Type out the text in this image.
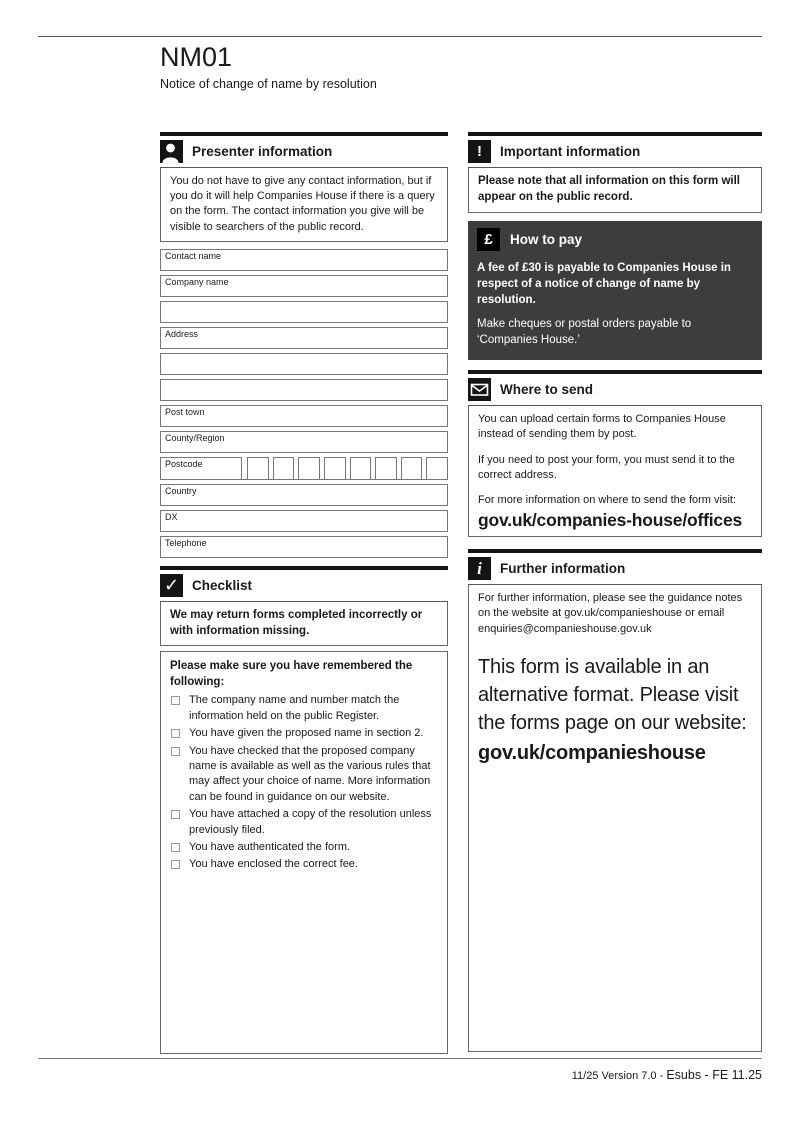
NM01
Notice of change of name by resolution
Presenter information
You do not have to give any contact information, but if you do it will help Companies House if there is a query on the form. The contact information you give will be visible to searchers of the public record.
Contact name
Company name
Address
Post town
County/Region
Postcode
Country
DX
Telephone
✓ Checklist
We may return forms completed incorrectly or with information missing.
Please make sure you have remembered the following:
The company name and number match the information held on the public Register.
You have given the proposed name in section 2.
You have checked that the proposed company name is available as well as the various rules that may affect your choice of name. More information can be found in guidance on our website.
You have attached a copy of the resolution unless previously filed.
You have authenticated the form.
You have enclosed the correct fee.
!	Important information
Please note that all information on this form will appear on the public record.
£	How to pay

A fee of £30 is payable to Companies House in respect of a notice of change of name by resolution.

Make cheques or postal orders payable to ‘Companies House.’

Where to send

You can upload certain forms to Companies House instead of sending them by post.

If you need to post your form, you must send it to the correct address.

For more information on where to send the form visit:

gov.uk/companies-house/offices
i	Further information

For further information, please see the guidance notes on the website at gov.uk/companieshouse or email enquiries@companieshouse.gov.uk

This form is available in an alternative format. Please visit the forms page on our website:
gov.uk/companieshouse
11/25 Version 7.0 - Esubs - FE 11.25
